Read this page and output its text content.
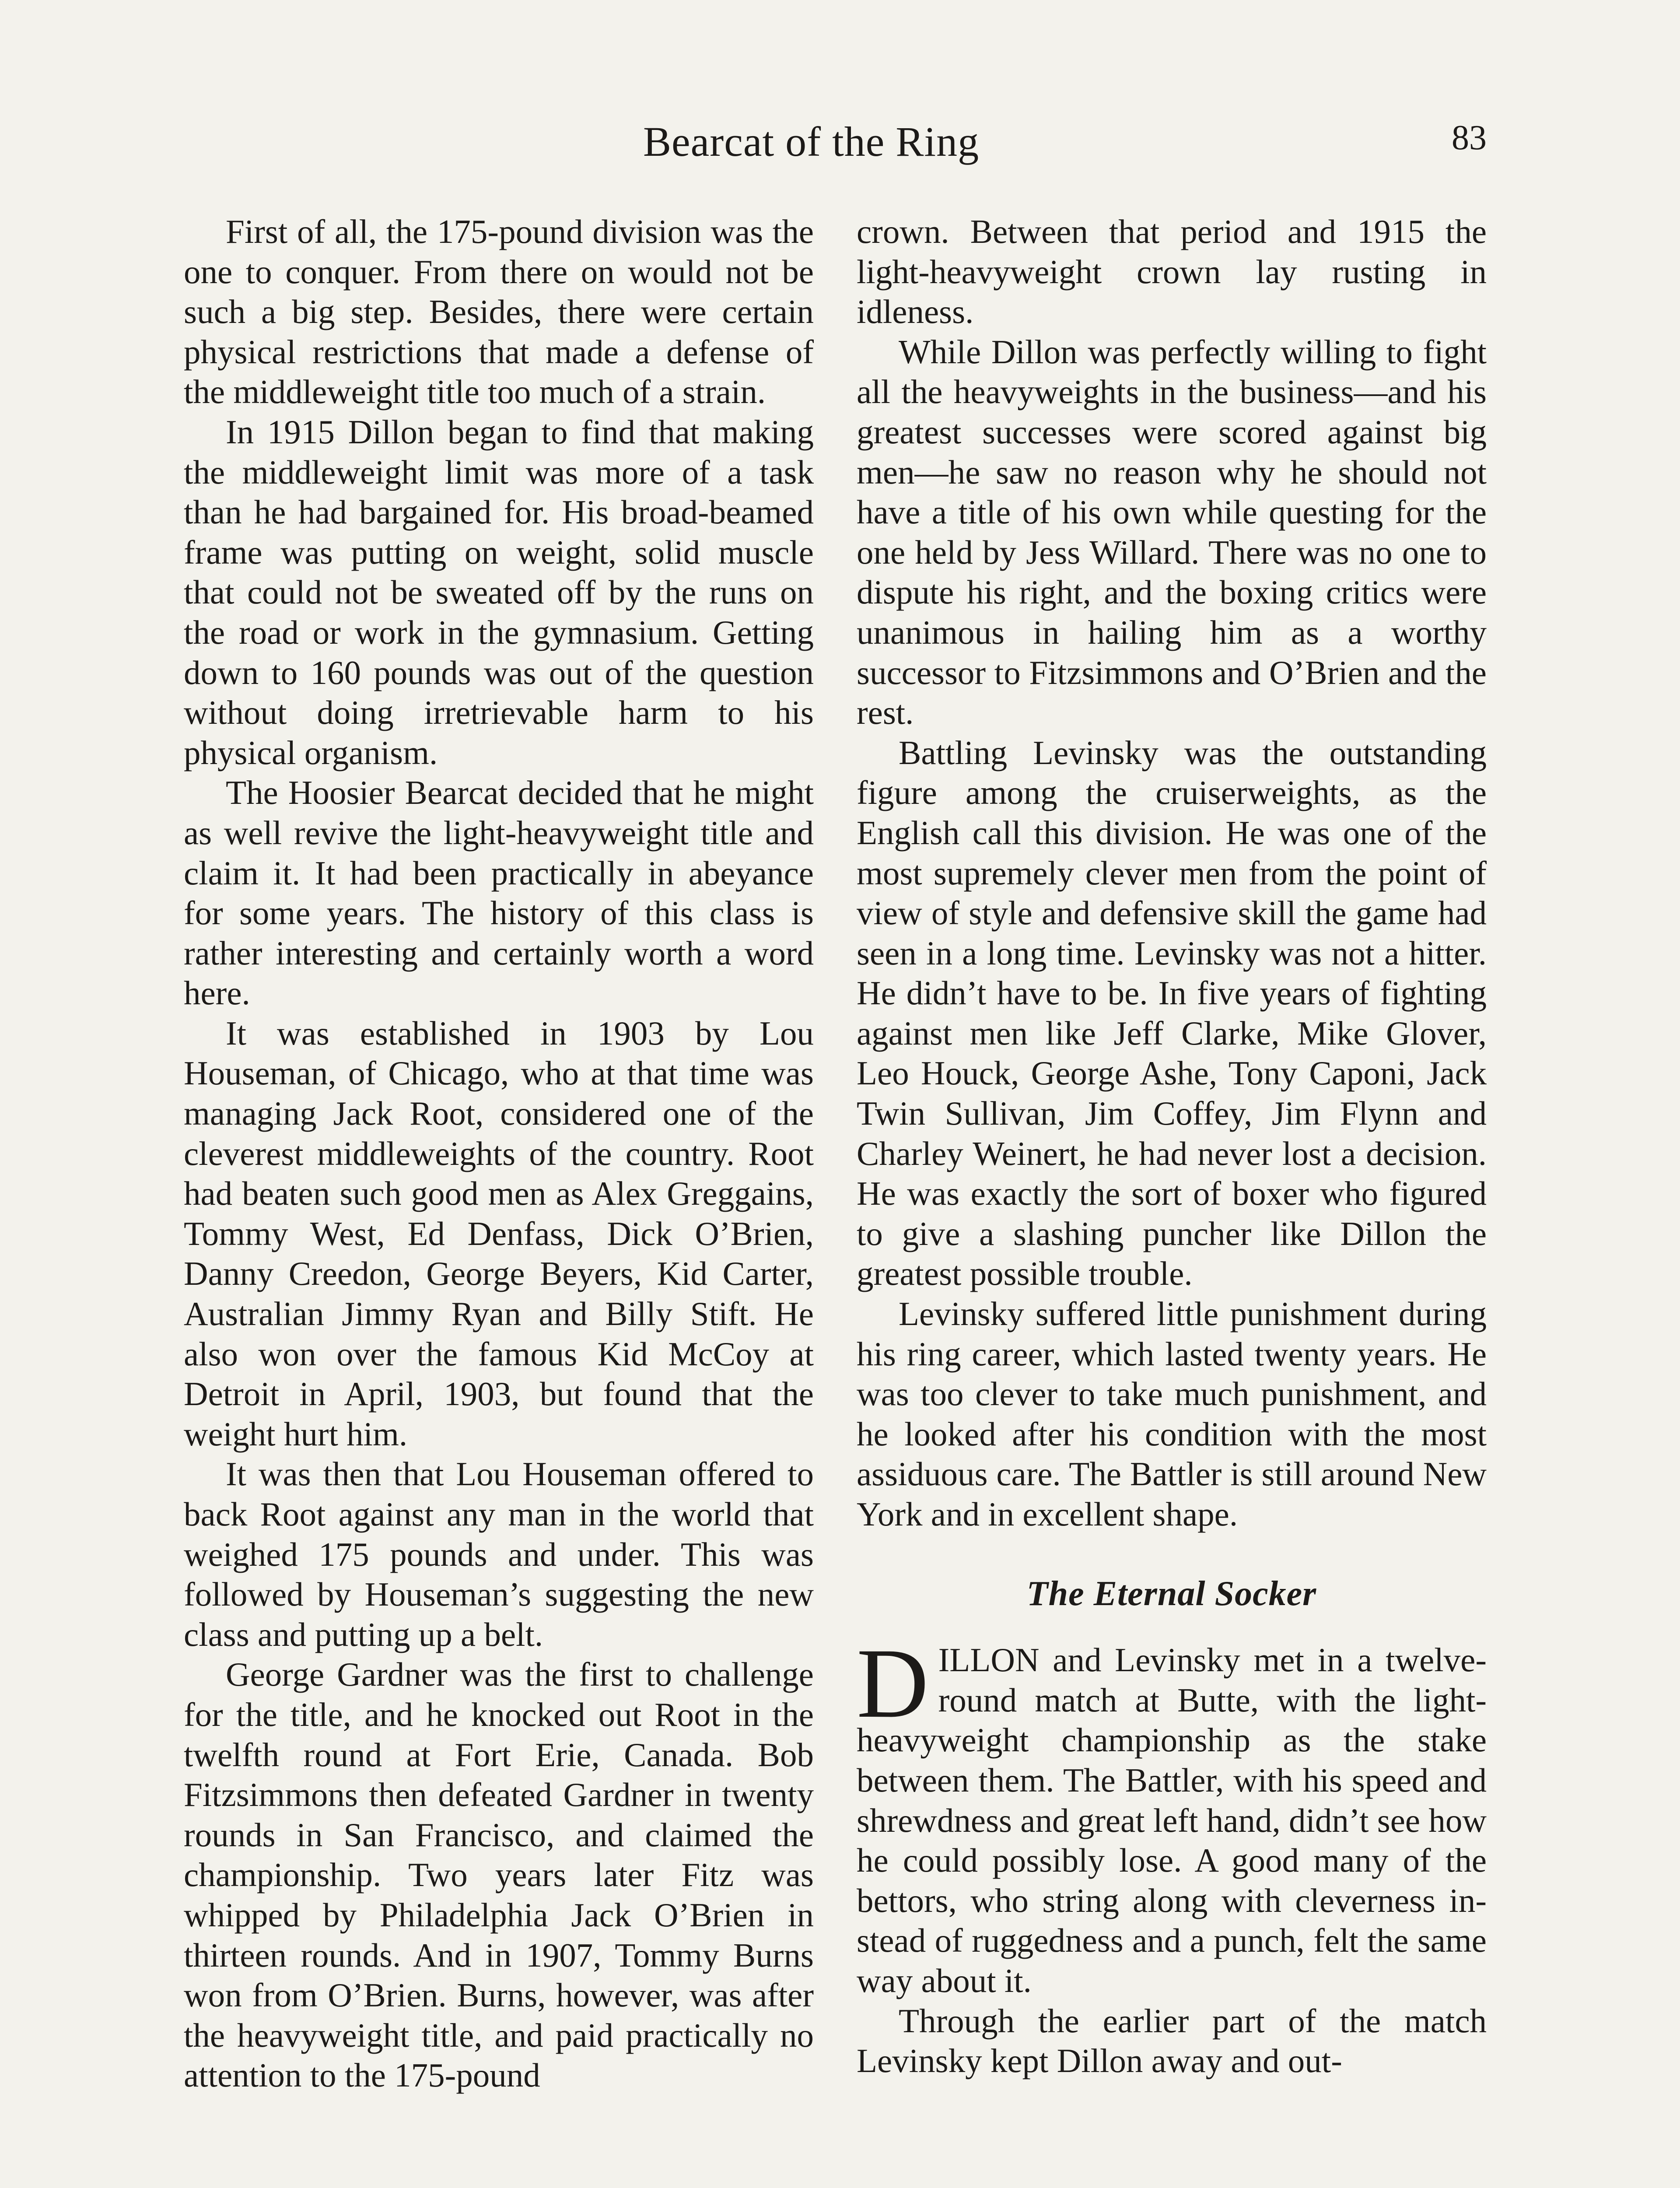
Bearcat of the Ring	83

First of all, the 175-pound division was the one to conquer. From there on would not be such a big step. Besides, there were certain physical restrictions that made a defense of the middleweight title too much of a strain.

In 1915 Dillon began to find that making the middleweight limit was more of a task than he had bargained for. His broad-beamed frame was putting on weight, solid muscle that could not be sweated off by the runs on the road or work in the gymnasium. Getting down to 160 pounds was out of the question without doing irretrievable harm to his physical organism.

The Hoosier Bearcat decided that he might as well revive the light-heavyweight title and claim it. It had been practically in abeyance for some years. The history of this class is rather interesting and certainly worth a word here.

It was established in 1903 by Lou Houseman, of Chicago, who at that time was managing Jack Root, considered one of the cleverest middleweights of the country. Root had beaten such good men as Alex Greggains, Tommy West, Ed Denfass, Dick O’Brien, Danny Creedon, George Beyers, Kid Carter, Australian Jimmy Ryan and Billy Stift. He also won over the famous Kid McCoy at Detroit in April, 1903, but found that the weight hurt him.

It was then that Lou Houseman offered to back Root against any man in the world that weighed 175 pounds and under. This was followed by Houseman’s suggesting the new class and putting up a belt.

George Gardner was the first to challenge for the title, and he knocked out Root in the twelfth round at Fort Erie, Canada. Bob Fitzsimmons then defeated Gardner in twenty rounds in San Francisco, and claimed the championship. Two years later Fitz was whipped by Philadelphia Jack O’Brien in thirteen rounds. And in 1907, Tommy Burns won from O’Brien. Burns, however, was after the heavyweight title, and paid practically no attention to the 175-pound

crown. Between that period and 1915 the light-heavyweight crown lay rusting in idleness.

While Dillon was perfectly willing to fight all the heavyweights in the business—and his greatest successes were scored against big men—he saw no reason why he should not have a title of his own while questing for the one held by Jess Willard. There was no one to dispute his right, and the boxing critics were unanimous in hailing him as a worthy successor to Fitzsimmons and O’Brien and the rest.

Battling Levinsky was the outstanding figure among the cruiserweights, as the English call this division. He was one of the most supremely clever men from the point of view of style and defensive skill the game had seen in a long time. Levinsky was not a hitter. He didn’t have to be. In five years of fighting against men like Jeff Clarke, Mike Glover, Leo Houck, George Ashe, Tony Caponi, Jack Twin Sullivan, Jim Coffey, Jim Flynn and Charley Weinert, he had never lost a decision. He was exactly the sort of boxer who figured to give a slashing puncher like Dillon the greatest possible trouble.

Levinsky suffered little punishment during his ring career, which lasted twenty years. He was too clever to take much punishment, and he looked after his condition with the most assiduous care. The Battler is still around New York and in excellent shape.

The Eternal Socker

DILLON and Levinsky met in a twelve-round match at Butte, with the light-heavyweight championship as the stake between them. The Battler, with his speed and shrewdness and great left hand, didn’t see how he could possibly lose. A good many of the bettors, who string along with cleverness instead of ruggedness and a punch, felt the same way about it.

Through the earlier part of the match Levinsky kept Dillon away and out-
